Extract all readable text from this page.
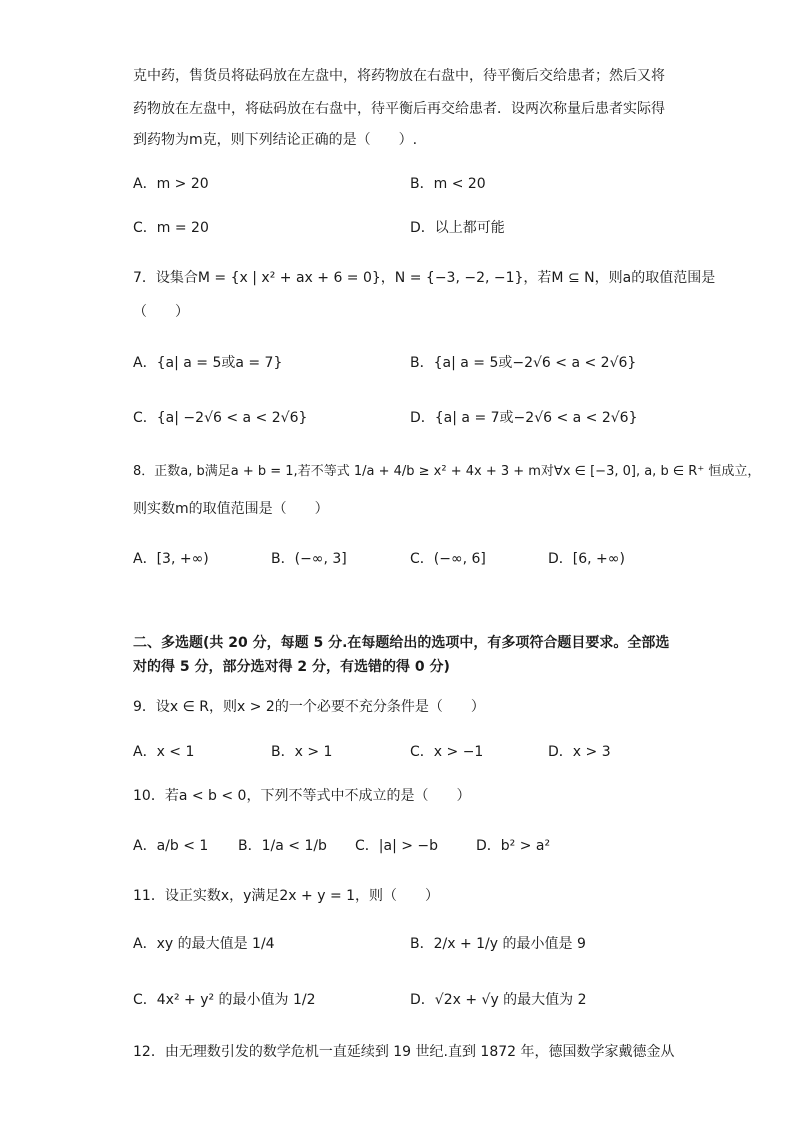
克中药，售货员将砝码放在左盘中，将药物放在右盘中，待平衡后交给患者；然后又将
药物放在左盘中，将砝码放在右盘中，待平衡后再交给患者．设两次称量后患者实际得
到药物为m克，则下列结论正确的是（　　）.
A．m > 20	B．m < 20
C．m = 20	D．以上都可能
7．设集合M = {x | x² + ax + 6 = 0}，N = {−3, −2, −1}，若M ⊆ N，则a的取值范围是
（　　）
A．{a| a = 5或a = 7}	B．{a| a = 5或−2√6 < a < 2√6}
C．{a| −2√6 < a < 2√6}	D．{a| a = 7或−2√6 < a < 2√6}
8．正数a, b满足a + b = 1,若不等式 1/a + 4/b ≥ x² + 4x + 3 + m对∀x ∈ [−3, 0], a, b ∈ R⁺ 恒成立，
则实数m的取值范围是（　　）
A．[3, +∞)	B．(−∞, 3]	C．(−∞, 6]	D．[6, +∞)
二、多选题(共 20 分，每题 5 分.在每题给出的选项中，有多项符合题目要求。全部选
对的得 5 分，部分选对得 2 分，有选错的得 0 分)
9．设x ∈ R，则x > 2的一个必要不充分条件是（　　）
A．x < 1	B．x > 1	C．x > −1	D．x > 3
10．若a < b < 0，下列不等式中不成立的是（　　）
A．a/b < 1 B．1/a < 1/b C．|a| > −b	D．b² > a²
11．设正实数x，y满足2x + y = 1，则（　　）
A．xy 的最大值是 1/4	B．2/x + 1/y 的最小值是 9
C．4x² + y² 的最小值为 1/2	D．√2x + √y 的最大值为 2
12．由无理数引发的数学危机一直延续到 19 世纪.直到 1872 年，德国数学家戴德金从
